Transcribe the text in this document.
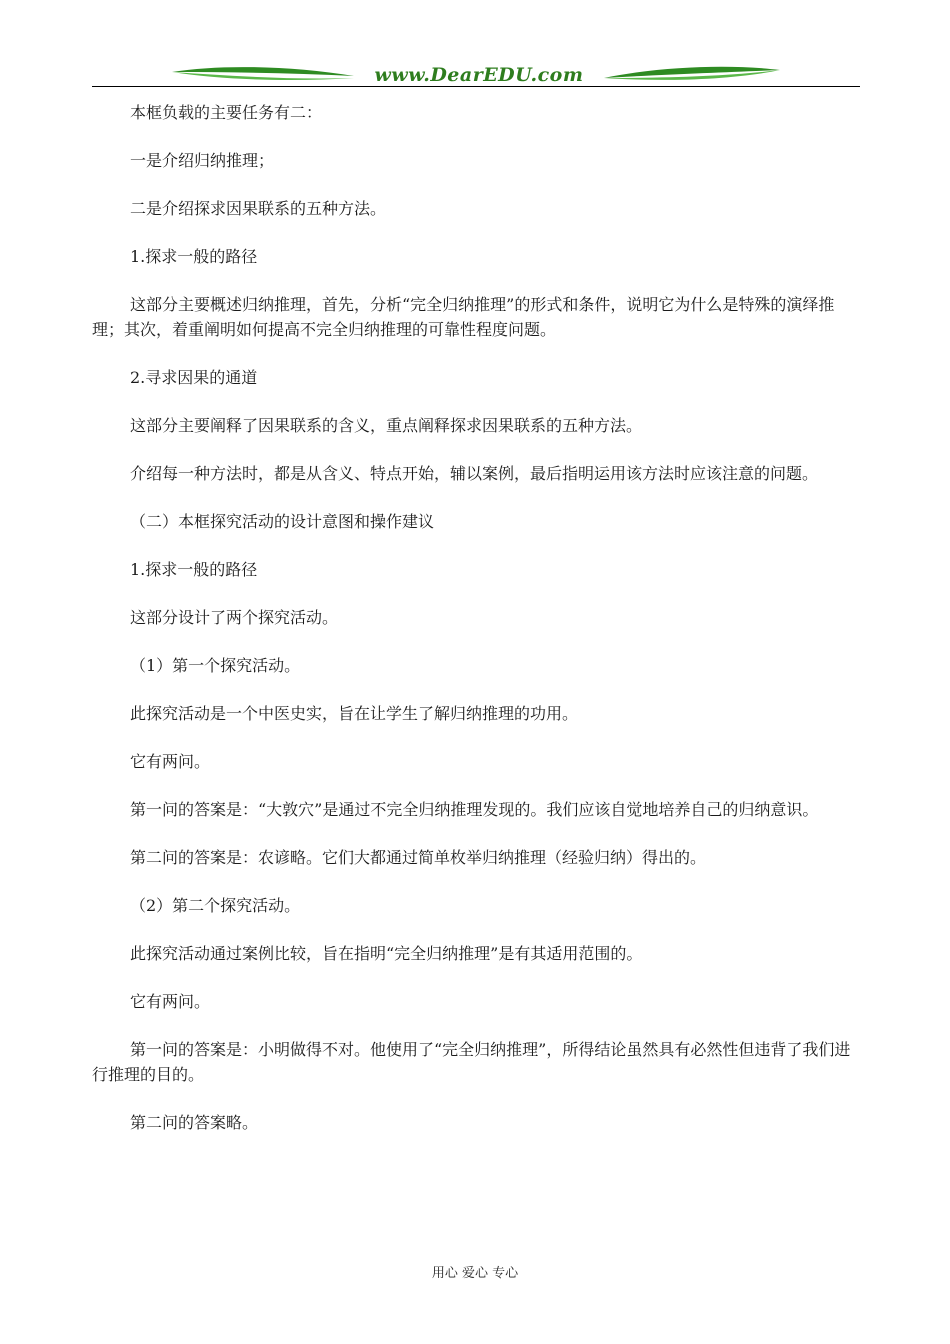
www.DearEDU.com

本框负载的主要任务有二：

一是介绍归纳推理；

二是介绍探求因果联系的五种方法。

1.探求一般的路径

这部分主要概述归纳推理，首先，分析“完全归纳推理”的形式和条件，说明它为什么是特殊的演绎推理；其次，着重阐明如何提高不完全归纳推理的可靠性程度问题。

2.寻求因果的通道

这部分主要阐释了因果联系的含义，重点阐释探求因果联系的五种方法。

介绍每一种方法时，都是从含义、特点开始，辅以案例，最后指明运用该方法时应该注意的问题。

（二）本框探究活动的设计意图和操作建议

1.探求一般的路径

这部分设计了两个探究活动。

（1）第一个探究活动。

此探究活动是一个中医史实，旨在让学生了解归纳推理的功用。

它有两问。

第一问的答案是：“大敦穴”是通过不完全归纳推理发现的。我们应该自觉地培养自己的归纳意识。

第二问的答案是：农谚略。它们大都通过简单枚举归纳推理（经验归纳）得出的。

（2）第二个探究活动。

此探究活动通过案例比较，旨在指明“完全归纳推理”是有其适用范围的。

它有两问。

第一问的答案是：小明做得不对。他使用了“完全归纳推理”，所得结论虽然具有必然性但违背了我们进行推理的目的。

第二问的答案略。

用心 爱心 专心
